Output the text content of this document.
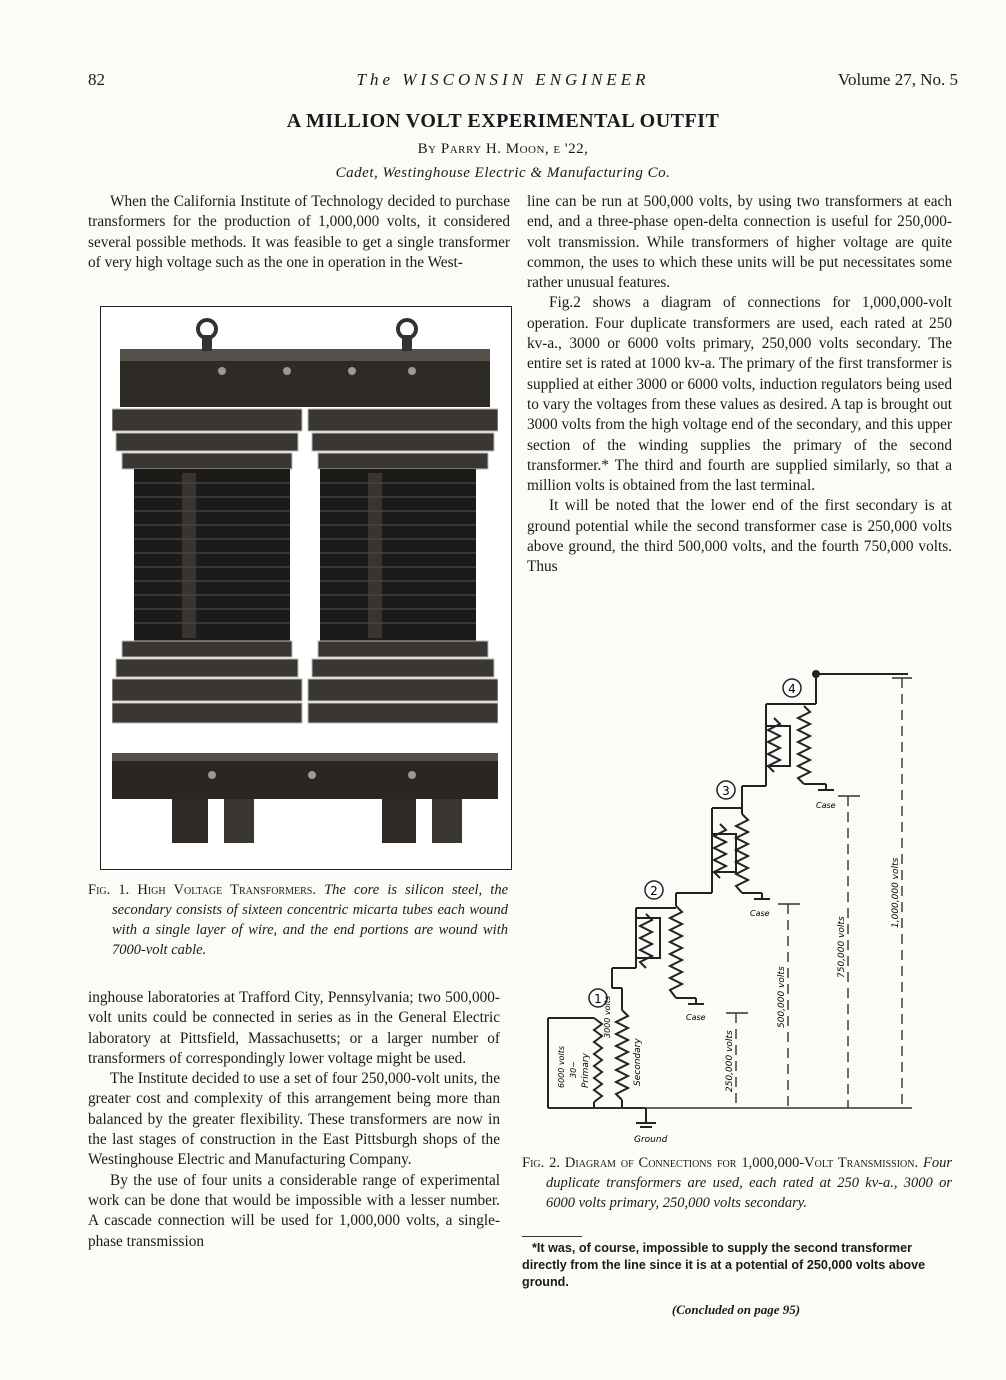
82	The WISCONSIN ENGINEER	Volume 27, No. 5
A MILLION VOLT EXPERIMENTAL OUTFIT
By Parry H. Moon, e '22,
Cadet, Westinghouse Electric & Manufacturing Co.

When the California Institute of Technology decided to purchase transformers for the production of 1,000,000 volts, it considered several possible methods. It was feasible to get a single transformer of very high voltage such as the one in operation in the West-

Fig. 1. High Voltage Transformers. The core is silicon steel, the secondary consists of sixteen concentric micarta tubes each wound with a single layer of wire, and the end portions are wound with 7000-volt cable.

inghouse laboratories at Trafford City, Pennsylvania; two 500,000-volt units could be connected in series as in the General Electric laboratory at Pittsfield, Massachusetts; or a larger number of transformers of correspondingly lower voltage might be used.

The Institute decided to use a set of four 250,000-volt units, the greater cost and complexity of this arrangement being more than balanced by the greater flexibility. These transformers are now in the last stages of construction in the East Pittsburgh shops of the Westinghouse Electric and Manufacturing Company.

By the use of four units a considerable range of experimental work can be done that would be impossible with a lesser number. A cascade connection will be used for 1,000,000 volts, a single-phase transmission

line can be run at 500,000 volts, by using two transformers at each end, and a three-phase open-delta connection is useful for 250,000-volt transmission. While transformers of higher voltage are quite common, the uses to which these units will be put necessitates some rather unusual features.

Fig.2 shows a diagram of connections for 1,000,000-volt operation. Four duplicate transformers are used, each rated at 250 kv-a., 3000 or 6000 volts primary, 250,000 volts secondary. The entire set is rated at 1000 kv-a. The primary of the first transformer is supplied at either 3000 or 6000 volts, induction regulators being used to vary the voltages from these values as desired. A tap is brought out 3000 volts from the high voltage end of the secondary, and this upper section of the winding supplies the primary of the second transformer.* The third and fourth are supplied similarly, so that a million volts is obtained from the last terminal.

It will be noted that the lower end of the first secondary is at ground potential while the second transformer case is 250,000 volts above ground, the third 500,000 volts, and the fourth 750,000 volts. Thus

1
2
3
4
Primary	Secondary
6000 volts 30~
3000 volts	Case
Case
Case
Ground
250,000 volts
500,000 volts
750,000 volts
1,000,000 volts
Fig. 2. Diagram of Connections for 1,000,000-Volt Transmission. Four duplicate transformers are used, each rated at 250 kv-a., 3000 or 6000 volts primary, 250,000 volts secondary.

*It was, of course, impossible to supply the second transformer directly from the line since it is at a potential of 250,000 volts above ground.

(Concluded on page 95)
